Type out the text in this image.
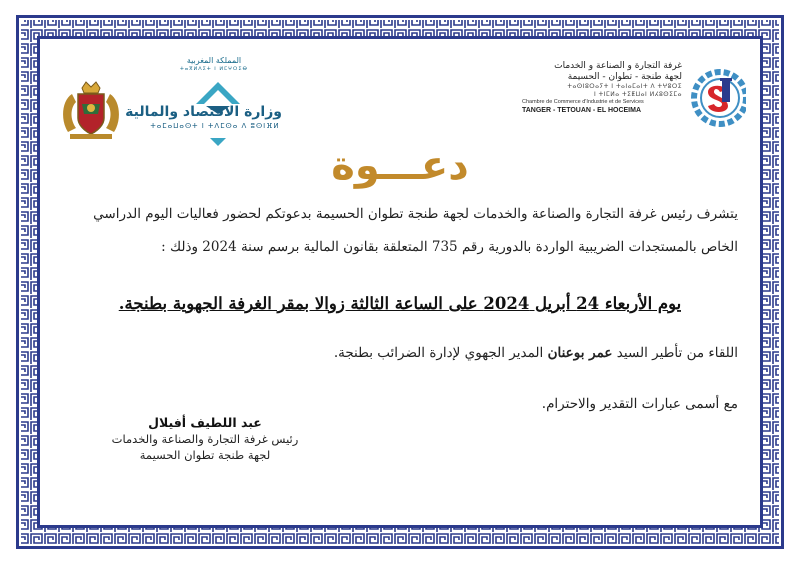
غرفة التجارة و الصناعة و الخدمات
لجهة طنجة - تطوان - الحسيمة
ⵜⴰⵙⵏⵓⵔⴰⵢⵜ ⵏ ⵜⴰⵏⴰⵎⴰⵏⵜ ⴷ ⵜⵖⵓⵔⵉ
ⵏ ⵜⵏⵎⵍⴰ ⵜⵉⵟⵡⴰⵏ ⵍⵃⵓⵙⵉⵎⴰ
Chambre de Commerce d'Industrie et de Services
TANGER - TETOUAN - EL HOCEIMA
المملكة المغربية
ⵜⴰⴳⵍⴷⵉⵜ ⵏ ⵍⵎⵖⵔⵉⴱ
وزارة الاقتصاد والمالية
ⵜⴰⵎⴰⵡⴰⵙⵜ ⵏ ⵜⴷⵎⵙⴰ ⴷ ⵓⵙⵏⴼⵍ
دعـــوة
يتشرف رئيس غرفة التجارة والصناعة والخدمات لجهة طنجة تطوان الحسيمة بدعوتكم لحضور فعاليات اليوم الدراسي
الخاص بالمستجدات الضريبية الواردة بالدورية رقم 735 المتعلقة بقانون المالية برسم سنة 2024 وذلك :
يوم الأربعاء 24 أبريل 2024 على الساعة الثالثة زوالا بمقر الغرفة الجهوية بطنجة.
اللقاء من تأطير السيد عمر بوعنان المدير الجهوي لإدارة الضرائب بطنجة.
مع أسمى عبارات التقدير والاحترام.
عبد اللطيف أفيلال
رئيس غرفة التجارة والصناعة والخدمات
لجهة طنجة تطوان الحسيمة
